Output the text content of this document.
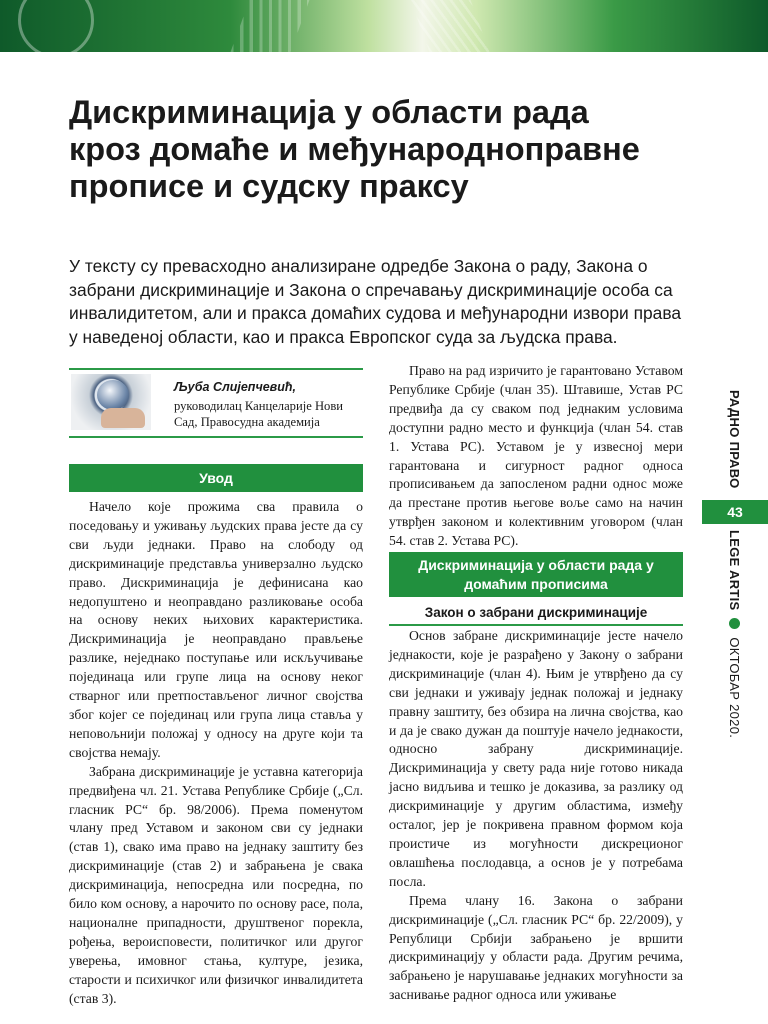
Дискриминација у области рада кроз домаће и међународноправне прописе и судску праксу

У тексту су превасходно анализиране одредбе Закона о раду, Закона о забрани дискриминације и Закона о спречавању дискриминације особа са инвалидитетом, али и пракса домаћих судова и међународни извори права у наведеној области, као и пракса Европског суда за људска права.

Љуба Слијепчевић,
руководилац Канцеларије Нови Сад, Правосудна академија
Увод

Начело које прожима сва правила о поседовању и уживању људских права јесте да су сви људи једнаки. Право на слободу од дискриминације представља универзално људско право. Дискриминација је дефинисана као недопуштено и неоправдано разликовање особа на основу неких њихових карактеристика. Дискриминација је неоправдано прављење разлике, неједнако поступање или искључивање појединаца или групе лица на основу неког стварног или претпостављеног личног својства због којег се појединац или група лица ставља у неповољнији положај у односу на друге који та својства немају.

Забрана дискриминације је уставна категорија предвиђена чл. 21. Устава Републике Србије („Сл. гласник РС“ бр. 98/2006). Према поменутом члану пред Уставом и законом сви су једнаки (став 1), свако има право на једнаку заштиту без дискриминације (став 2) и забрањена је свака дискриминација, непосредна или посредна, по било ком основу, а нарочито по основу расе, пола, националне припадности, друштвеног порекла, рођења, вероисповести, политичког или другог уверења, имовног стања, културе, језика, старости и психичког или физичког инвалидитета (став 3).

Право на рад изричито је гарантовано Уставом Републике Србије (члан 35). Штавише, Устав РС предвиђа да су сваком под једнаким условима доступни радно место и функција (члан 54. став 1. Устава РС). Уставом је у извесној мери гарантована и сигурност радног односа прописивањем да запосленом радни однос може да престане против његове воље само на начин утврђен законом и колективним уговором (члан 54. став 2. Устава РС).

Дискриминација у области рада у домаћим прописима
Закон о забрани дискриминације

Основ забране дискриминације јесте начело једнакости, које је разрађено у Закону о забрани дискриминације (члан 4). Њим је утврђено да су сви једнаки и уживају једнак положај и једнаку правну заштиту, без обзира на лична својства, као и да је свако дужан да поштује начело једнакости, односно забрану дискриминације. Дискриминација у свету рада није готово никада јасно видљива и тешко је доказива, за разлику од дискриминације у другим областима, између осталог, јер је покривена правном формом која проистиче из могућности дискреционог овлашћења послодавца, а основ је у потребама посла.

Према члану 16. Закона о забрани дискриминације („Сл. гласник РС“ бр. 22/2009), у Републици Србији забрањено је вршити дискриминацију у области рада. Другим речима, забрањено је нарушавање једнаких могућности за заснивање радног односа или уживање

РАДНО ПРАВО
43
LEGE ARTIS  ОКТОБАР 2020.
